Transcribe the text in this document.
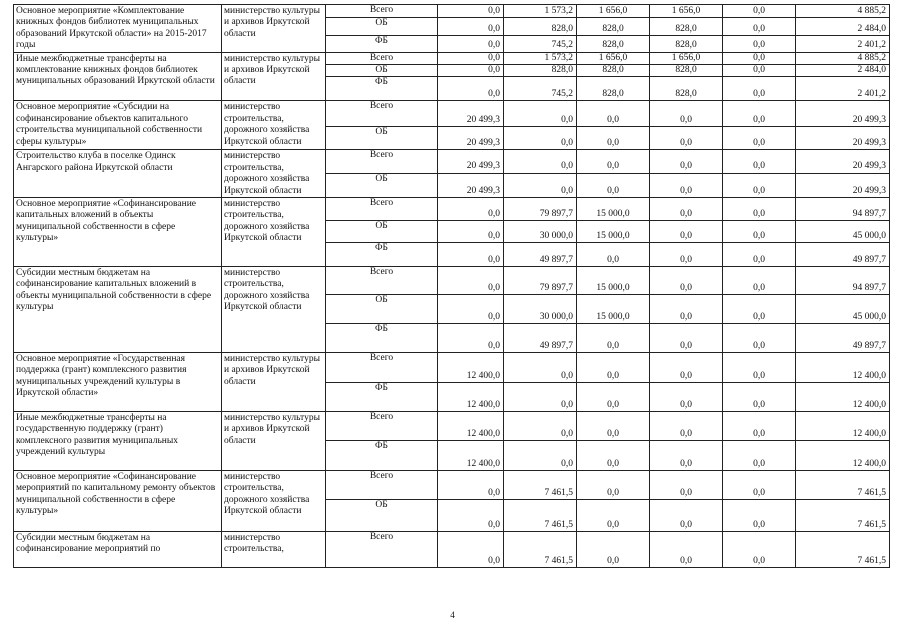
Основное мероприятие «Комплектование книжных фондов библиотек муниципальных образований Иркутской области» на 2015-2017 годы	министерство культуры и архивов Иркутской области	Всего	0,0	1 573,2	1 656,0	1 656,0	0,0	4 885,2
		ОБ	0,0	828,0	828,0	828,0	0,0	2 484,0
		ФБ	0,0	745,2	828,0	828,0	0,0	2 401,2
Иные межбюджетные трансферты на комплектование книжных фондов библиотек муниципальных образований Иркутской области	министерство культуры и архивов Иркутской области	Всего	0,0	1 573,2	1 656,0	1 656,0	0,0	4 885,2
		ОБ	0,0	828,0	828,0	828,0	0,0	2 484,0
		ФБ	0,0	745,2	828,0	828,0	0,0	2 401,2
Основное мероприятие «Субсидии на софинансирование объектов капитального строительства муниципальной собственности сферы культуры»	министерство строительства, дорожного хозяйства Иркутской области	Всего	20 499,3	0,0	0,0	0,0	0,0	20 499,3
		ОБ	20 499,3	0,0	0,0	0,0	0,0	20 499,3
Строительство клуба в поселке Одинск Ангарского района Иркутской области	министерство строительства, дорожного хозяйства Иркутской области	Всего	20 499,3	0,0	0,0	0,0	0,0	20 499,3
		ОБ	20 499,3	0,0	0,0	0,0	0,0	20 499,3
Основное мероприятие «Софинансирование капитальных вложений в объекты муниципальной собственности в сфере культуры»	министерство строительства, дорожного хозяйства Иркутской области	Всего	0,0	79 897,7	15 000,0	0,0	0,0	94 897,7
		ОБ	0,0	30 000,0	15 000,0	0,0	0,0	45 000,0
		ФБ	0,0	49 897,7	0,0	0,0	0,0	49 897,7
Субсидии местным бюджетам на софинансирование капитальных вложений в объекты муниципальной собственности в сфере культуры	министерство строительства, дорожного хозяйства Иркутской области	Всего	0,0	79 897,7	15 000,0	0,0	0,0	94 897,7
		ОБ	0,0	30 000,0	15 000,0	0,0	0,0	45 000,0
		ФБ	0,0	49 897,7	0,0	0,0	0,0	49 897,7
Основное мероприятие «Государственная поддержка (грант) комплексного развития муниципальных учреждений культуры в Иркутской области»	министерство культуры и архивов Иркутской области	Всего	12 400,0	0,0	0,0	0,0	0,0	12 400,0
		ФБ	12 400,0	0,0	0,0	0,0	0,0	12 400,0
Иные межбюджетные трансферты на государственную поддержку (грант) комплексного развития муниципальных учреждений культуры	министерство культуры и архивов Иркутской области	Всего	12 400,0	0,0	0,0	0,0	0,0	12 400,0
		ФБ	12 400,0	0,0	0,0	0,0	0,0	12 400,0
Основное мероприятие «Софинансирование мероприятий по капитальному ремонту объектов муниципальной собственности в сфере культуры»	министерство строительства, дорожного хозяйства Иркутской области	Всего	0,0	7 461,5	0,0	0,0	0,0	7 461,5
		ОБ	0,0	7 461,5	0,0	0,0	0,0	7 461,5
Субсидии местным бюджетам на софинансирование мероприятий по	министерство строительства,	Всего	0,0	7 461,5	0,0	0,0	0,0	7 461,5
4
